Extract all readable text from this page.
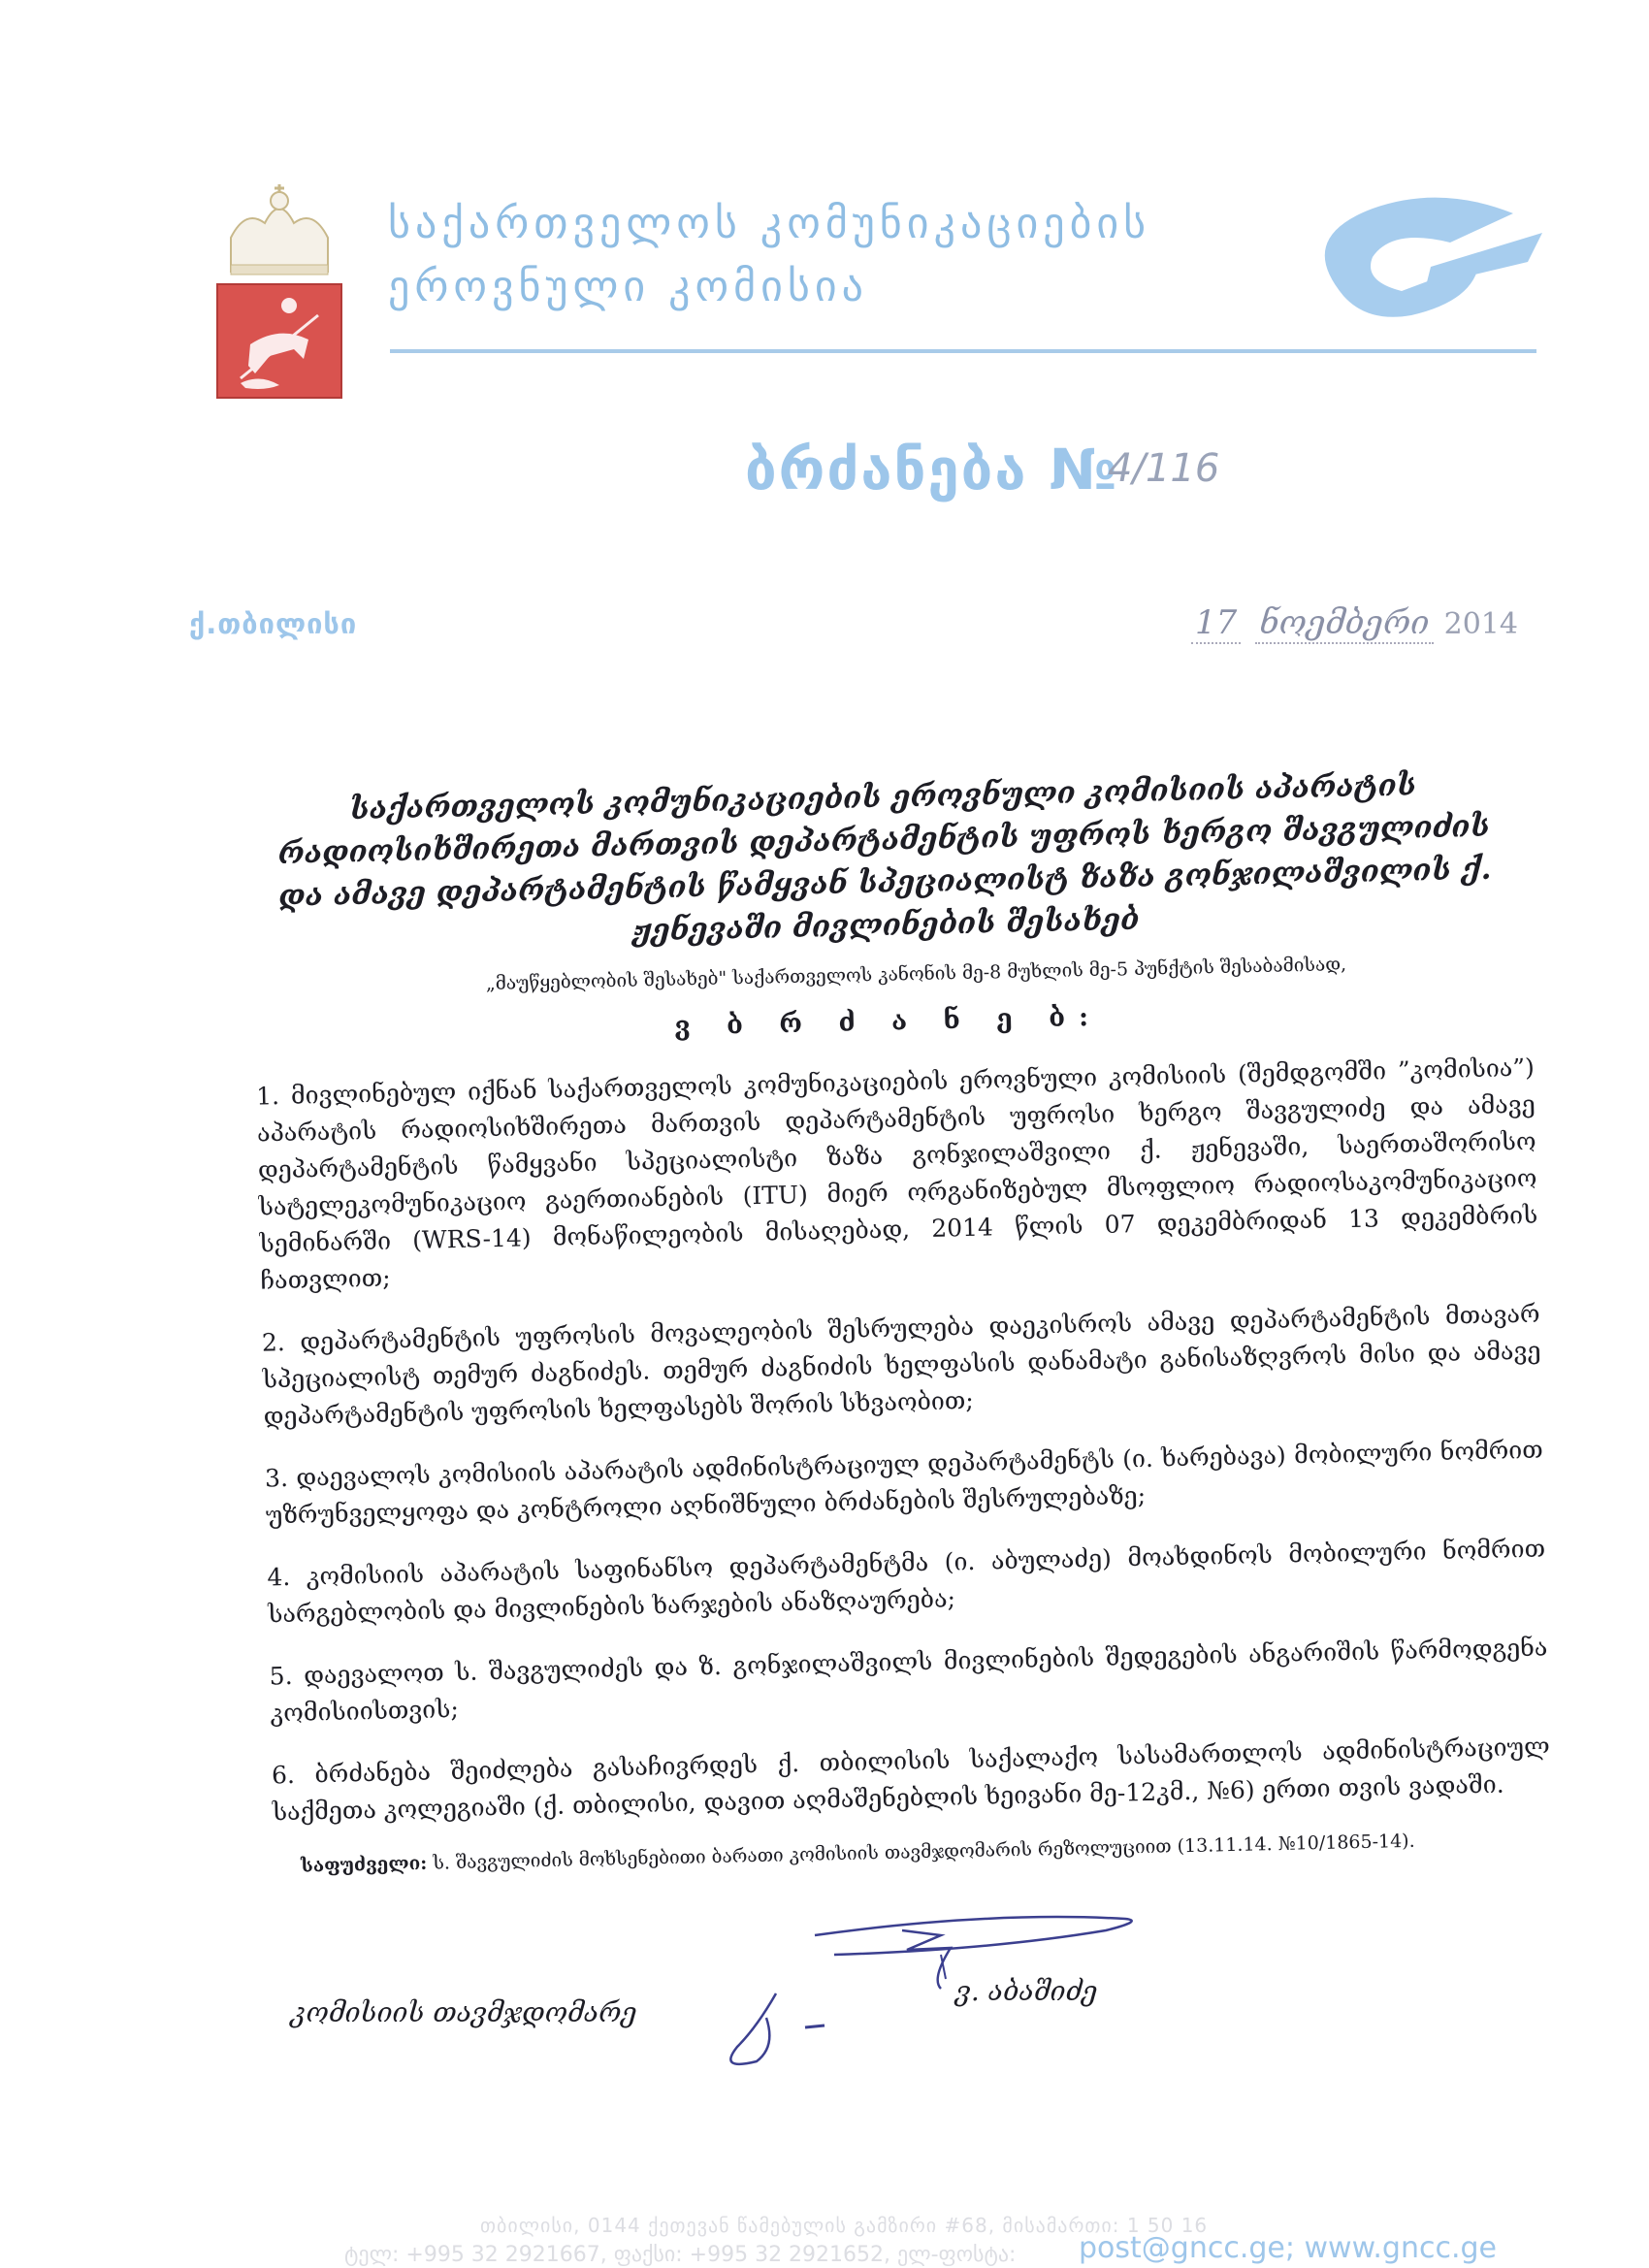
საქართველოს კომუნიკაციების
ეროვნული კომისია
ბრძანება №
4/116
ქ.თბილისი	17 ნოემბერი 2014

საქართველოს კომუნიკაციების ეროვნული კომისიის აპარატის რადიოსიხშირეთა მართვის დეპარტამენტის უფროს ხერგო შავგულიძის და ამავე დეპარტამენტის წამყვან სპეციალისტ ზაზა გონჯილაშვილის ქ. ჟენევაში მივლინების შესახებ

„მაუწყებლობის შესახებ" საქართველოს კანონის მე-8 მუხლის მე-5 პუნქტის შესაბამისად,

ვ ბ რ ძ ა ნ ე ბ:

1. მივლინებულ იქნან საქართველოს კომუნიკაციების ეროვნული კომისიის (შემდგომში ”კომისია”) აპარატის რადიოსიხშირეთა მართვის დეპარტამენტის უფროსი ხერგო შავგულიძე და ამავე დეპარტამენტის წამყვანი სპეციალისტი ზაზა გონჯილაშვილი ქ. ჟენევაში, საერთაშორისო სატელეკომუნიკაციო გაერთიანების (ITU) მიერ ორგანიზებულ მსოფლიო რადიოსაკომუნიკაციო სემინარში (WRS-14) მონაწილეობის მისაღებად, 2014 წლის 07 დეკემბრიდან 13 დეკემბრის ჩათვლით;

2. დეპარტამენტის უფროსის მოვალეობის შესრულება დაეკისროს ამავე დეპარტამენტის მთავარ სპეციალისტ თემურ ძაგნიძეს. თემურ ძაგნიძის ხელფასის დანამატი განისაზღვროს მისი და ამავე დეპარტამენტის უფროსის ხელფასებს შორის სხვაობით;

3. დაევალოს კომისიის აპარატის ადმინისტრაციულ დეპარტამენტს (ი. ხარებავა) მობილური ნომრით უზრუნველყოფა და კონტროლი აღნიშნული ბრძანების შესრულებაზე;

4. კომისიის აპარატის საფინანსო დეპარტამენტმა (ი. აბულაძე) მოახდინოს მობილური ნომრით სარგებლობის და მივლინების ხარჯების ანაზღაურება;

5. დაევალოთ ს. შავგულიძეს და ზ. გონჯილაშვილს მივლინების შედეგების ანგარიშის წარმოდგენა კომისიისთვის;

6. ბრძანება შეიძლება გასაჩივრდეს ქ. თბილისის საქალაქო სასამართლოს ადმინისტრაციულ საქმეთა კოლეგიაში (ქ. თბილისი, დავით აღმაშენებლის ხეივანი მე-12კმ., №6) ერთი თვის ვადაში.

საფუძველი: ს. შავგულიძის მოხსენებითი ბარათი კომისიის თავმჯდომარის რეზოლუციით (13.11.14. №10/1865-14).

კომისიის თავმჯდომარე
ვ. აბაშიძე
თბილისი, 0144 ქეთევან წამებულის გამზირი #68, მისამართი: 1 50 16
ტელ: +995 32 2921667, ფაქსი: +995 32 2921652, ელ-ფოსტა: post@gncc.ge; www.gncc.ge
